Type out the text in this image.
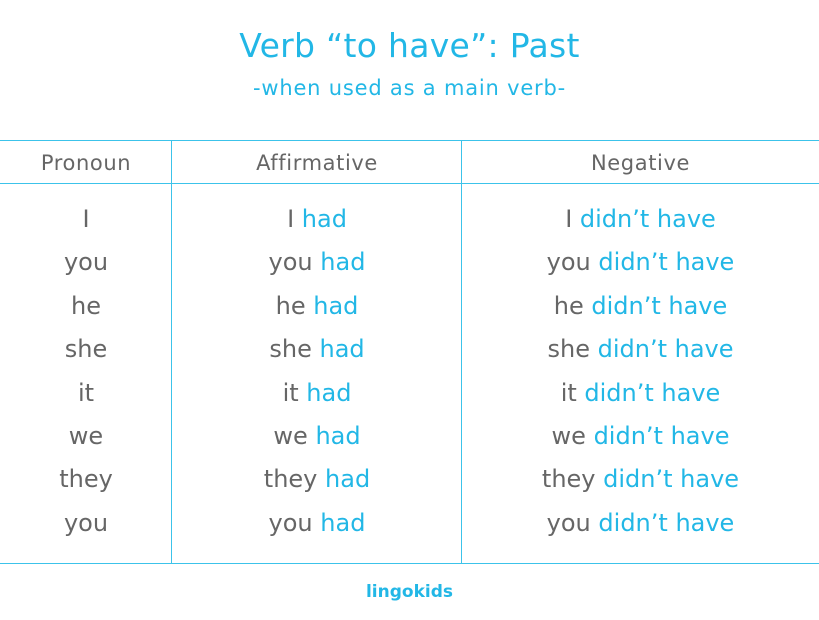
Verb “to have”: Past
-when used as a main verb-
Pronoun	Affirmative	Negative
I
you
he
she
it
we
they
you
I had
you had
he had
she had
it had
we had
they had
you had
I didn’t have
you didn’t have
he didn’t have
she didn’t have
it didn’t have
we didn’t have
they didn’t have
you didn’t have
lingokids
